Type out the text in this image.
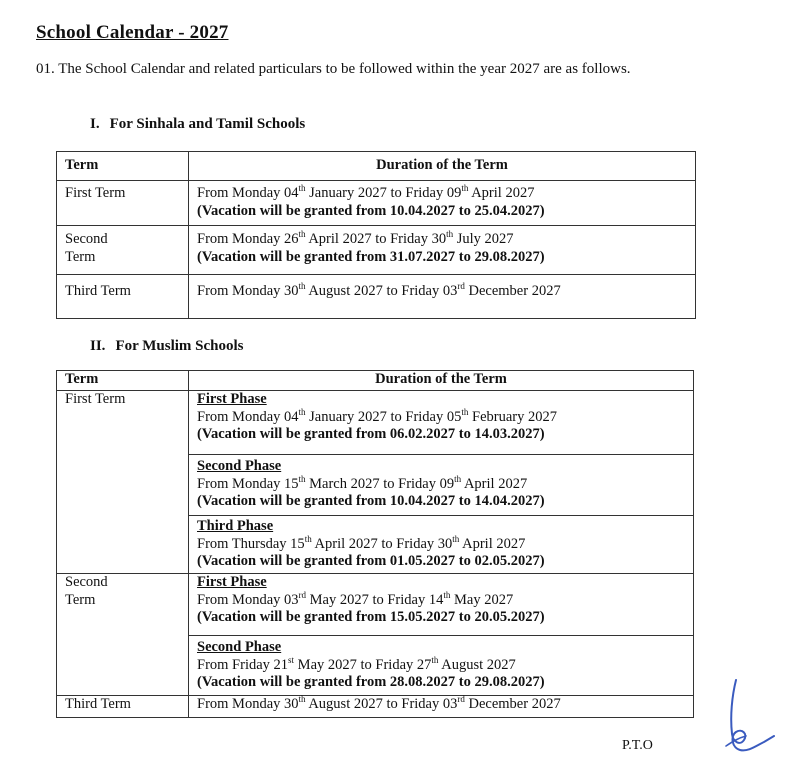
School Calendar - 2027
01. The School Calendar and related particulars to be followed within the year 2027 are as follows.
I. For Sinhala and Tamil Schools
Term	Duration of the Term

First Term	From Monday 04th January 2027 to Friday 09th April 2027
(Vacation will be granted from 10.04.2027 to 25.04.2027)

Second
Term	From Monday 26th April 2027 to Friday 30th July 2027
(Vacation will be granted from 31.07.2027 to 29.08.2027)

Third Term	From Monday 30th August 2027 to Friday 03rd December 2027
II. For Muslim Schools
Term	Duration of the Term

First Term	First Phase
From Monday 04th January 2027 to Friday 05th February 2027
(Vacation will be granted from 06.02.2027 to 14.03.2027)

	Second Phase
From Monday 15th March 2027 to Friday 09th April 2027
(Vacation will be granted from 10.04.2027 to 14.04.2027)

	Third Phase
From Thursday 15th April 2027 to Friday 30th April 2027
(Vacation will be granted from 01.05.2027 to 02.05.2027)

Second
Term	First Phase
From Monday 03rd May 2027 to Friday 14th May 2027
(Vacation will be granted from 15.05.2027 to 20.05.2027)

	Second Phase
From Friday 21st May 2027 to Friday 27th August 2027
(Vacation will be granted from 28.08.2027 to 29.08.2027)

Third Term	From Monday 30th August 2027 to Friday 03rd December 2027
P.T.O
